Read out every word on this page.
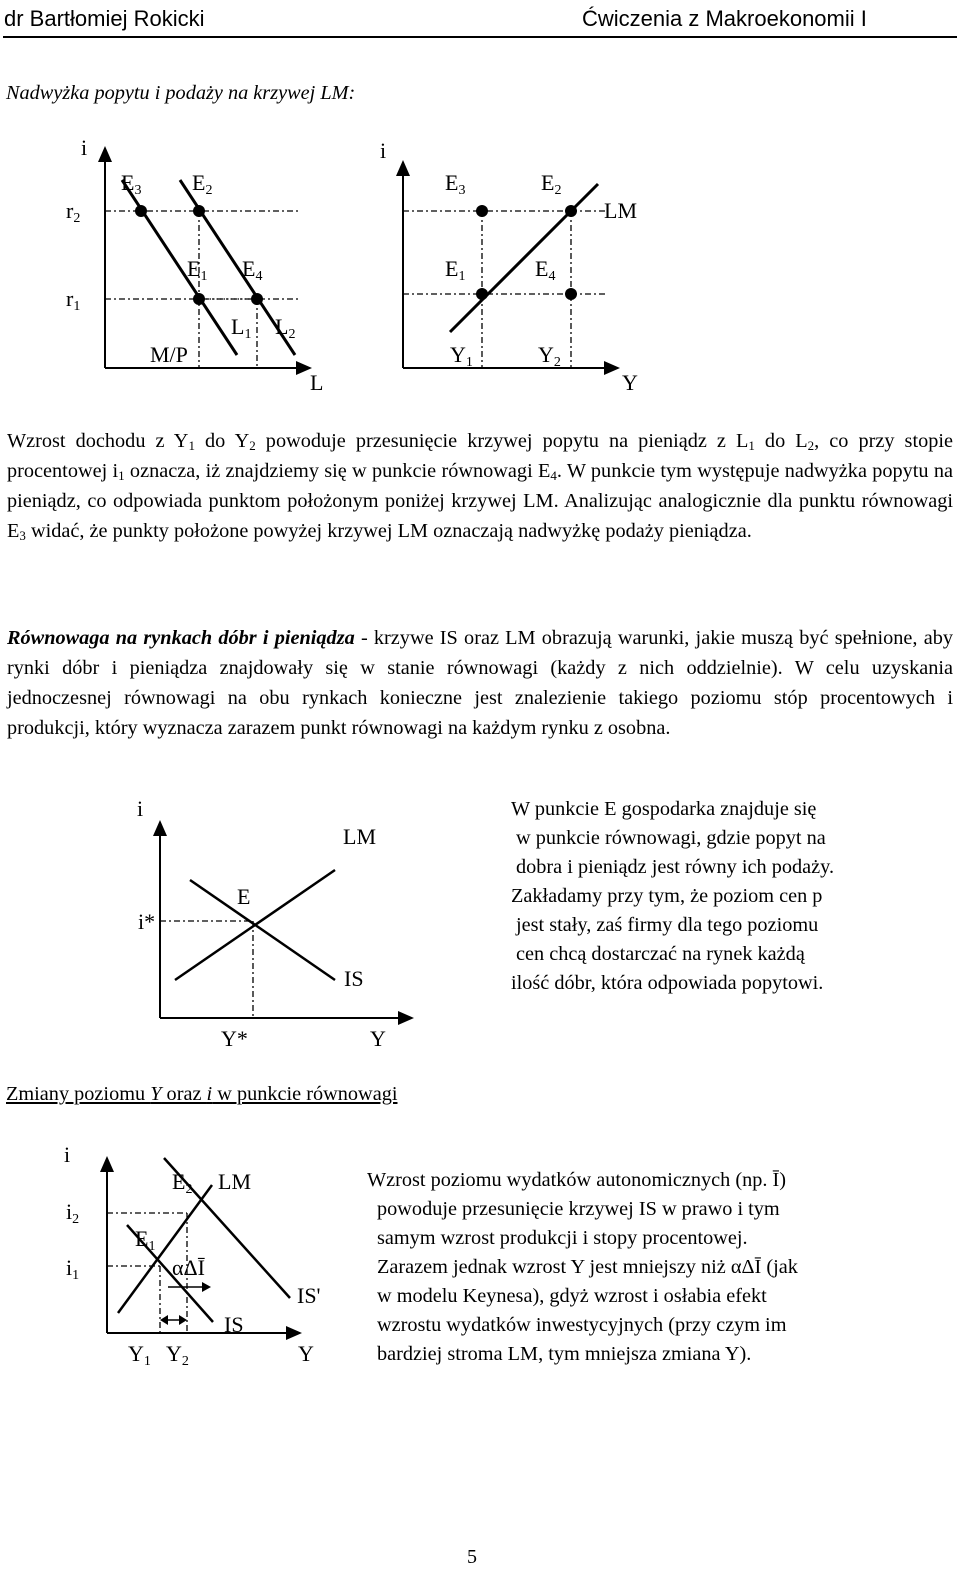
dr Bartłomiej Rokicki	Ćwiczenia z Makroekonomii I
Nadwyżka popytu i podaży na krzywej LM:
i
$E_3$ $E_2$
$r_2$
$E_1$ $E_4$
$r_1$
$L_1$ $L_2$
M/P
L
i
$E_3$	$E_2$
LM
$E_1$	$E_4$
$Y_1$	$Y_2$
Y

Wzrost dochodu z $Y_1$ do $Y_2$ powoduje przesunięcie krzywej popytu na pieniądz z $L_1$ do $L_2$, co przy stopie procentowej $i_1$ oznacza, iż znajdziemy się w punkcie równowagi $E_4$. W punkcie tym występuje nadwyżka popytu na pieniądz, co odpowiada punktom położonym poniżej krzywej LM. Analizując analogicznie dla punktu równowagi $E_3$ widać, że punkty położone powyżej krzywej LM oznaczają nadwyżkę podaży pieniądza.

Równowaga na rynkach dóbr i pieniądza - krzywe IS oraz LM obrazują warunki, jakie muszą być spełnione, aby rynki dóbr i pieniądza znajdowały się w stanie równowagi (każdy z nich oddzielnie). W celu uzyskania jednoczesnej równowagi na obu rynkach konieczne jest znalezienie takiego poziomu stóp procentowych i produkcji, który wyznacza zarazem punkt równowagi na każdym rynku z osobna.

i
LM
E
i*
IS
Y*	Y

W punkcie E gospodarka znajduje się

w punkcie równowagi, gdzie popyt na

dobra i pieniądz jest równy ich podaży.

Zakładamy przy tym, że poziom cen p

jest stały, zaś firmy dla tego poziomu

cen chcą dostarczać na rynek każdą

ilość dóbr, która odpowiada popytowi.

Zmiany poziomu Y oraz i w punkcie równowagi
i
$E_2$ LM
$i_2$
$E_1$
$i_1$	αΔĪ
IS'
IS
$Y_1$ $Y_2$	Y

Wzrost poziomu wydatków autonomicznych (np. Ī)

powoduje przesunięcie krzywej IS w prawo i tym

samym wzrost produkcji i stopy procentowej.

Zarazem jednak wzrost Y jest mniejszy niż αΔĪ (jak

w modelu Keynesa), gdyż wzrost i osłabia efekt

wzrostu wydatków inwestycyjnych (przy czym im

bardziej stroma LM, tym mniejsza zmiana Y).

5
